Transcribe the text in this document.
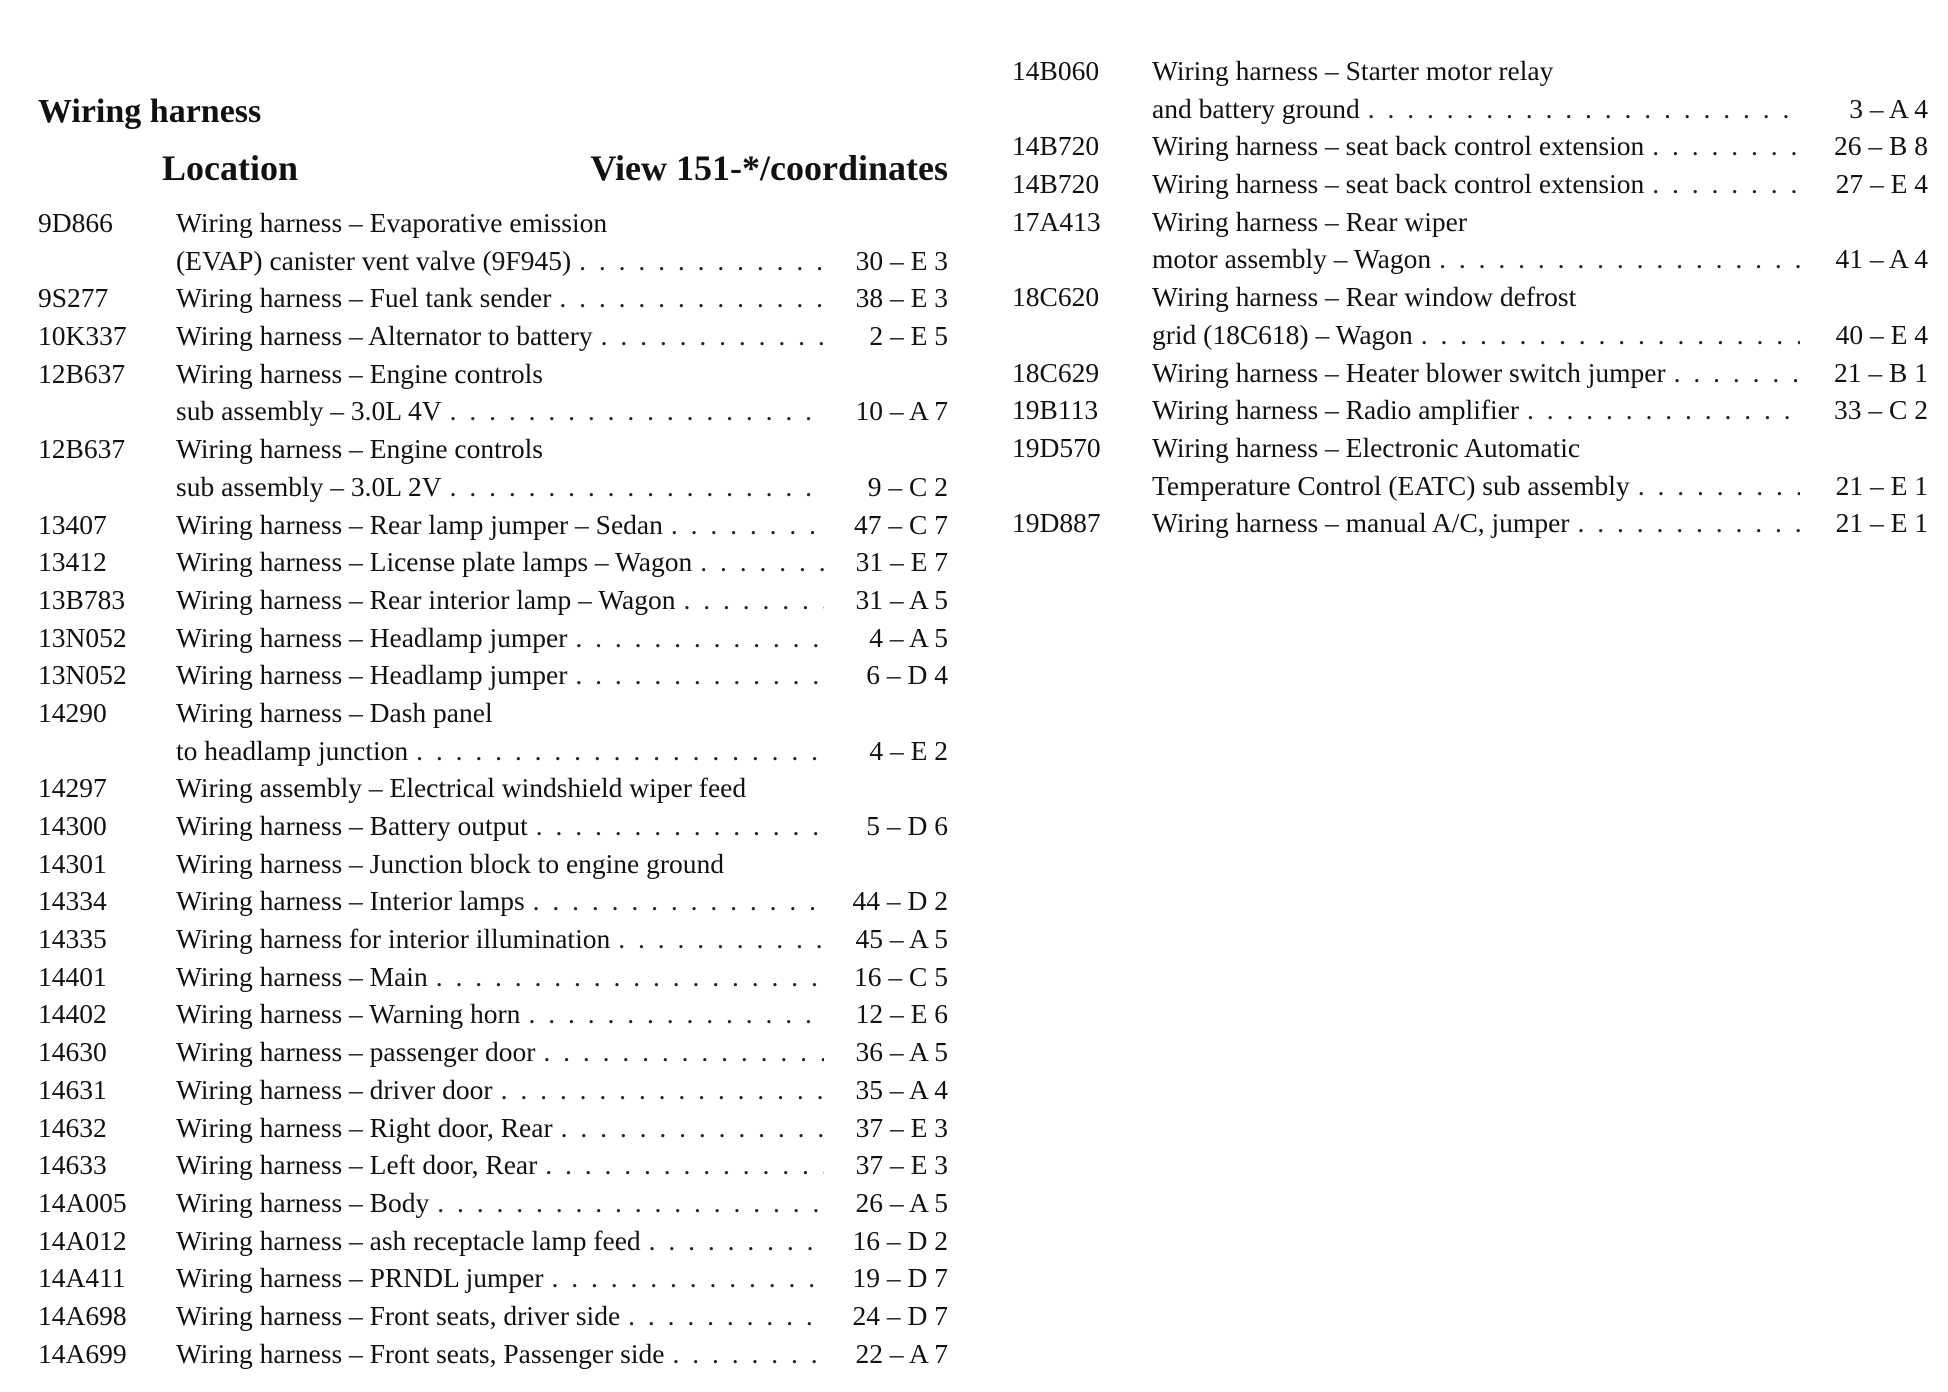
Wiring harness
Location	View 151-*/coordinates
9D866	Wiring harness – Evaporative emission
(EVAP) canister vent valve (9F945) . . .	30 – E 3
9S277	Wiring harness – Fuel tank sender . . .	38 – E 3
10K337	Wiring harness – Alternator to battery . . .	2 – E 5
12B637	Wiring harness – Engine controls
sub assembly – 3.0L 4V . . .	10 – A 7
12B637	Wiring harness – Engine controls
sub assembly – 3.0L 2V . . .	9 – C 2
13407	Wiring harness – Rear lamp jumper – Sedan . . .	47 – C 7
13412	Wiring harness – License plate lamps – Wagon . . .	31 – E 7
13B783	Wiring harness – Rear interior lamp – Wagon . . .	31 – A 5
13N052	Wiring harness – Headlamp jumper . . .	4 – A 5
13N052	Wiring harness – Headlamp jumper . . .	6 – D 4
14290	Wiring harness – Dash panel
to headlamp junction . . .	4 – E 2
14297	Wiring assembly – Electrical windshield wiper feed
14300	Wiring harness – Battery output . . .	5 – D 6
14301	Wiring harness – Junction block to engine ground
14334	Wiring harness – Interior lamps . . .	44 – D 2
14335	Wiring harness for interior illumination . . .	45 – A 5
14401	Wiring harness – Main . . .	16 – C 5
14402	Wiring harness – Warning horn . . .	12 – E 6
14630	Wiring harness – passenger door . . .	36 – A 5
14631	Wiring harness – driver door . . .	35 – A 4
14632	Wiring harness – Right door, Rear . . .	37 – E 3
14633	Wiring harness – Left door, Rear . . .	37 – E 3
14A005	Wiring harness – Body . . .	26 – A 5
14A012	Wiring harness – ash receptacle lamp feed . . .	16 – D 2
14A411	Wiring harness – PRNDL jumper . . .	19 – D 7
14A698	Wiring harness – Front seats, driver side . . .	24 – D 7
14A699	Wiring harness – Front seats, Passenger side . . .	22 – A 7
14B060	Wiring harness – Starter motor relay
and battery ground . . .	3 – A 4
14B720	Wiring harness – seat back control extension . . .	26 – B 8
14B720	Wiring harness – seat back control extension . . .	27 – E 4
17A413	Wiring harness – Rear wiper
motor assembly – Wagon . . .	41 – A 4
18C620	Wiring harness – Rear window defrost
grid (18C618) – Wagon . . .	40 – E 4
18C629	Wiring harness – Heater blower switch jumper . . .	21 – B 1
19B113	Wiring harness – Radio amplifier . . .	33 – C 2
19D570	Wiring harness – Electronic Automatic
Temperature Control (EATC) sub assembly . . .	21 – E 1
19D887	Wiring harness – manual A/C, jumper . . .	21 – E 1
